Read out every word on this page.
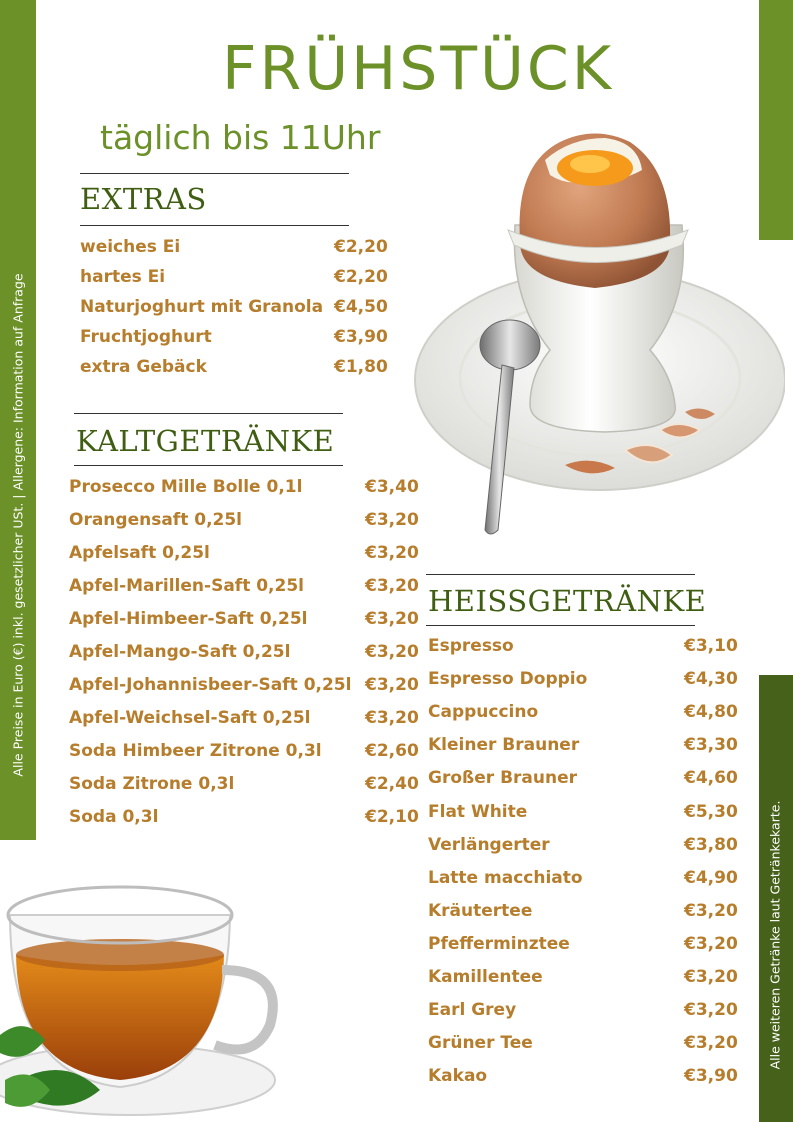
Alle Preise in Euro (€) inkl. gesetzlicher USt. | Allergene: Information auf Anfrage
Alle weiteren Getränke laut Getränkekarte.
FRÜHSTÜCK
täglich bis 11Uhr
EXTRAS
weiches Ei	€2,20
hartes Ei	€2,20
Naturjoghurt mit Granola €4,50
Fruchtjoghurt	€3,90
extra Gebäck	€1,80
KALTGETRÄNKE
Prosecco Mille Bolle 0,1l	€3,40
Orangensaft 0,25l	€3,20
Apfelsaft 0,25l	€3,20
Apfel-Marillen-Saft 0,25l	€3,20
Apfel-Himbeer-Saft 0,25l	€3,20
Apfel-Mango-Saft 0,25l	€3,20
Apfel-Johannisbeer-Saft 0,25l €3,20
Apfel-Weichsel-Saft 0,25l	€3,20
Soda Himbeer Zitrone 0,3l	€2,60
Soda Zitrone 0,3l	€2,40
Soda 0,3l	€2,10
HEISSGETRÄNKE
Espresso	€3,10
Espresso Doppio	€4,30
Cappuccino	€4,80
Kleiner Brauner	€3,30
Großer Brauner	€4,60
Flat White	€5,30
Verlängerter	€3,80
Latte macchiato	€4,90
Kräutertee	€3,20
Pfefferminztee	€3,20
Kamillentee	€3,20
Earl Grey	€3,20
Grüner Tee	€3,20
Kakao	€3,90
